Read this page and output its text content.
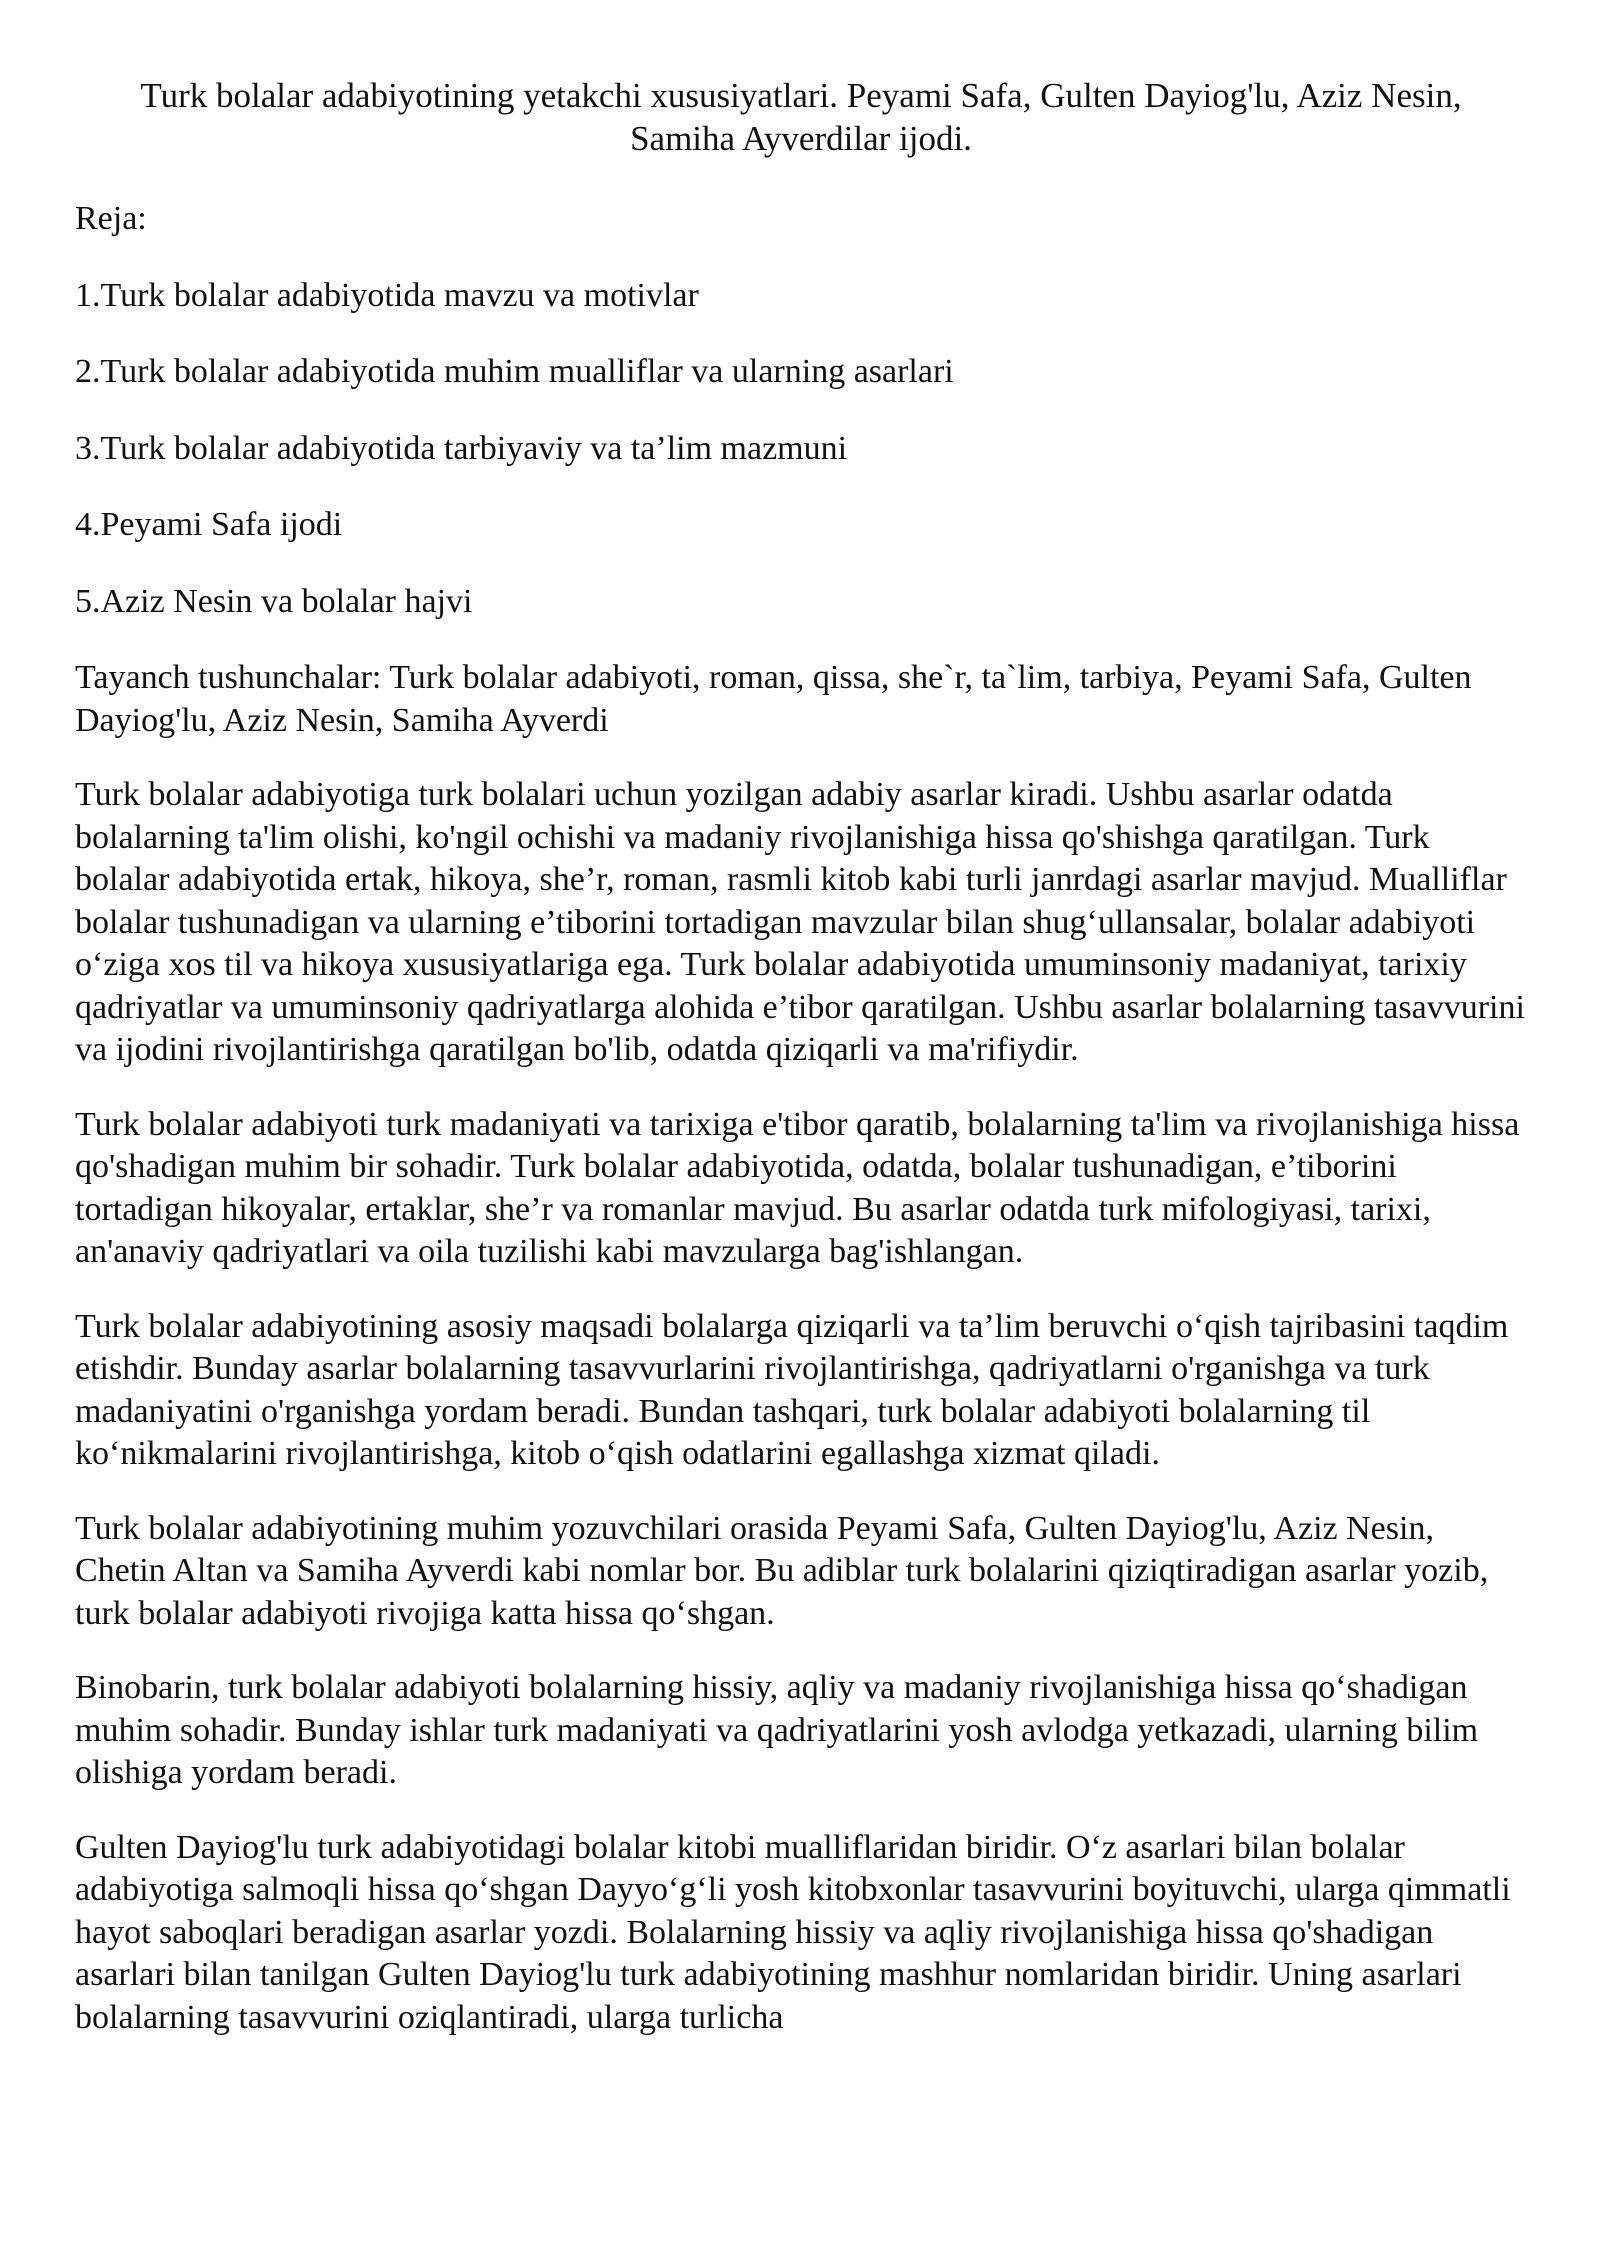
Turk bolalar adabiyotining yetakchi xususiyatlari. Peyami Safa, Gulten Dayiog'lu, Aziz Nesin, Samiha Ayverdilar ijodi.

Reja:

1.Turk bolalar adabiyotida mavzu va motivlar
2.Turk bolalar adabiyotida muhim mualliflar va ularning asarlari
3.Turk bolalar adabiyotida tarbiyaviy va ta’lim mazmuni
4.Peyami Safa ijodi
5.Aziz Nesin va bolalar hajvi

Tayanch tushunchalar: Turk bolalar adabiyoti, roman, qissa, she`r, ta`lim, tarbiya, Peyami Safa, Gulten Dayiog'lu, Aziz Nesin, Samiha Ayverdi

Turk bolalar adabiyotiga turk bolalari uchun yozilgan adabiy asarlar kiradi. Ushbu asarlar odatda bolalarning ta'lim olishi, ko'ngil ochishi va madaniy rivojlanishiga hissa qo'shishga qaratilgan. Turk bolalar adabiyotida ertak, hikoya, she’r, roman, rasmli kitob kabi turli janrdagi asarlar mavjud. Mualliflar bolalar tushunadigan va ularning e’tiborini tortadigan mavzular bilan shug‘ullansalar, bolalar adabiyoti o‘ziga xos til va hikoya xususiyatlariga ega. Turk bolalar adabiyotida umuminsoniy madaniyat, tarixiy qadriyatlar va umuminsoniy qadriyatlarga alohida e’tibor qaratilgan. Ushbu asarlar bolalarning tasavvurini va ijodini rivojlantirishga qaratilgan bo'lib, odatda qiziqarli va ma'rifiydir.

Turk bolalar adabiyoti turk madaniyati va tarixiga e'tibor qaratib, bolalarning ta'lim va rivojlanishiga hissa qo'shadigan muhim bir sohadir. Turk bolalar adabiyotida, odatda, bolalar tushunadigan, e’tiborini tortadigan hikoyalar, ertaklar, she’r va romanlar mavjud. Bu asarlar odatda turk mifologiyasi, tarixi, an'anaviy qadriyatlari va oila tuzilishi kabi mavzularga bag'ishlangan.

Turk bolalar adabiyotining asosiy maqsadi bolalarga qiziqarli va ta’lim beruvchi o‘qish tajribasini taqdim etishdir. Bunday asarlar bolalarning tasavvurlarini rivojlantirishga, qadriyatlarni o'rganishga va turk madaniyatini o'rganishga yordam beradi. Bundan tashqari, turk bolalar adabiyoti bolalarning til ko‘nikmalarini rivojlantirishga, kitob o‘qish odatlarini egallashga xizmat qiladi.

Turk bolalar adabiyotining muhim yozuvchilari orasida Peyami Safa, Gulten Dayiog'lu, Aziz Nesin, Chetin Altan va Samiha Ayverdi kabi nomlar bor. Bu adiblar turk bolalarini qiziqtiradigan asarlar yozib, turk bolalar adabiyoti rivojiga katta hissa qo‘shgan.

Binobarin, turk bolalar adabiyoti bolalarning hissiy, aqliy va madaniy rivojlanishiga hissa qo‘shadigan muhim sohadir. Bunday ishlar turk madaniyati va qadriyatlarini yosh avlodga yetkazadi, ularning bilim olishiga yordam beradi.

Gulten Dayiog'lu turk adabiyotidagi bolalar kitobi mualliflaridan biridir. O‘z asarlari bilan bolalar adabiyotiga salmoqli hissa qo‘shgan Dayyo‘g‘li yosh kitobxonlar tasavvurini boyituvchi, ularga qimmatli hayot saboqlari beradigan asarlar yozdi. Bolalarning hissiy va aqliy rivojlanishiga hissa qo'shadigan asarlari bilan tanilgan Gulten Dayiog'lu turk adabiyotining mashhur nomlaridan biridir. Uning asarlari bolalarning tasavvurini oziqlantiradi, ularga turlicha
